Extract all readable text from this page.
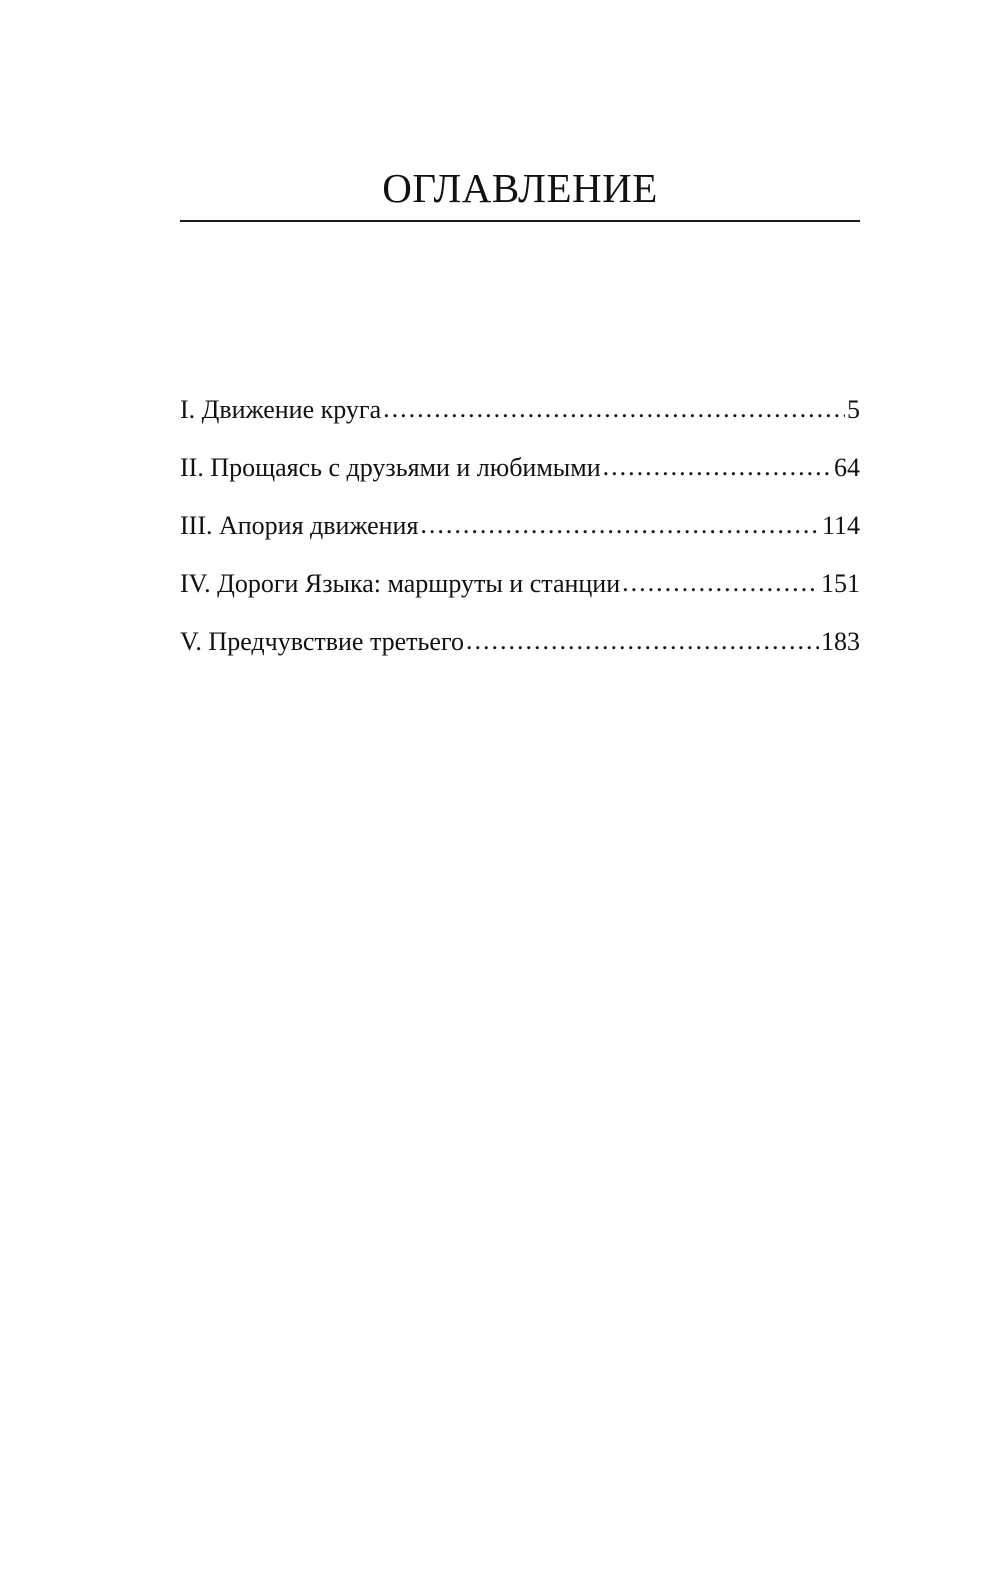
ОГЛАВЛЕНИЕ
I. Движение круга .....	5
II. Прощаясь с друзьями и любимыми .....	64
III. Апория движения .....	114
IV. Дороги Языка: маршруты и станции .....	151
V. Предчувствие третьего .....	183
